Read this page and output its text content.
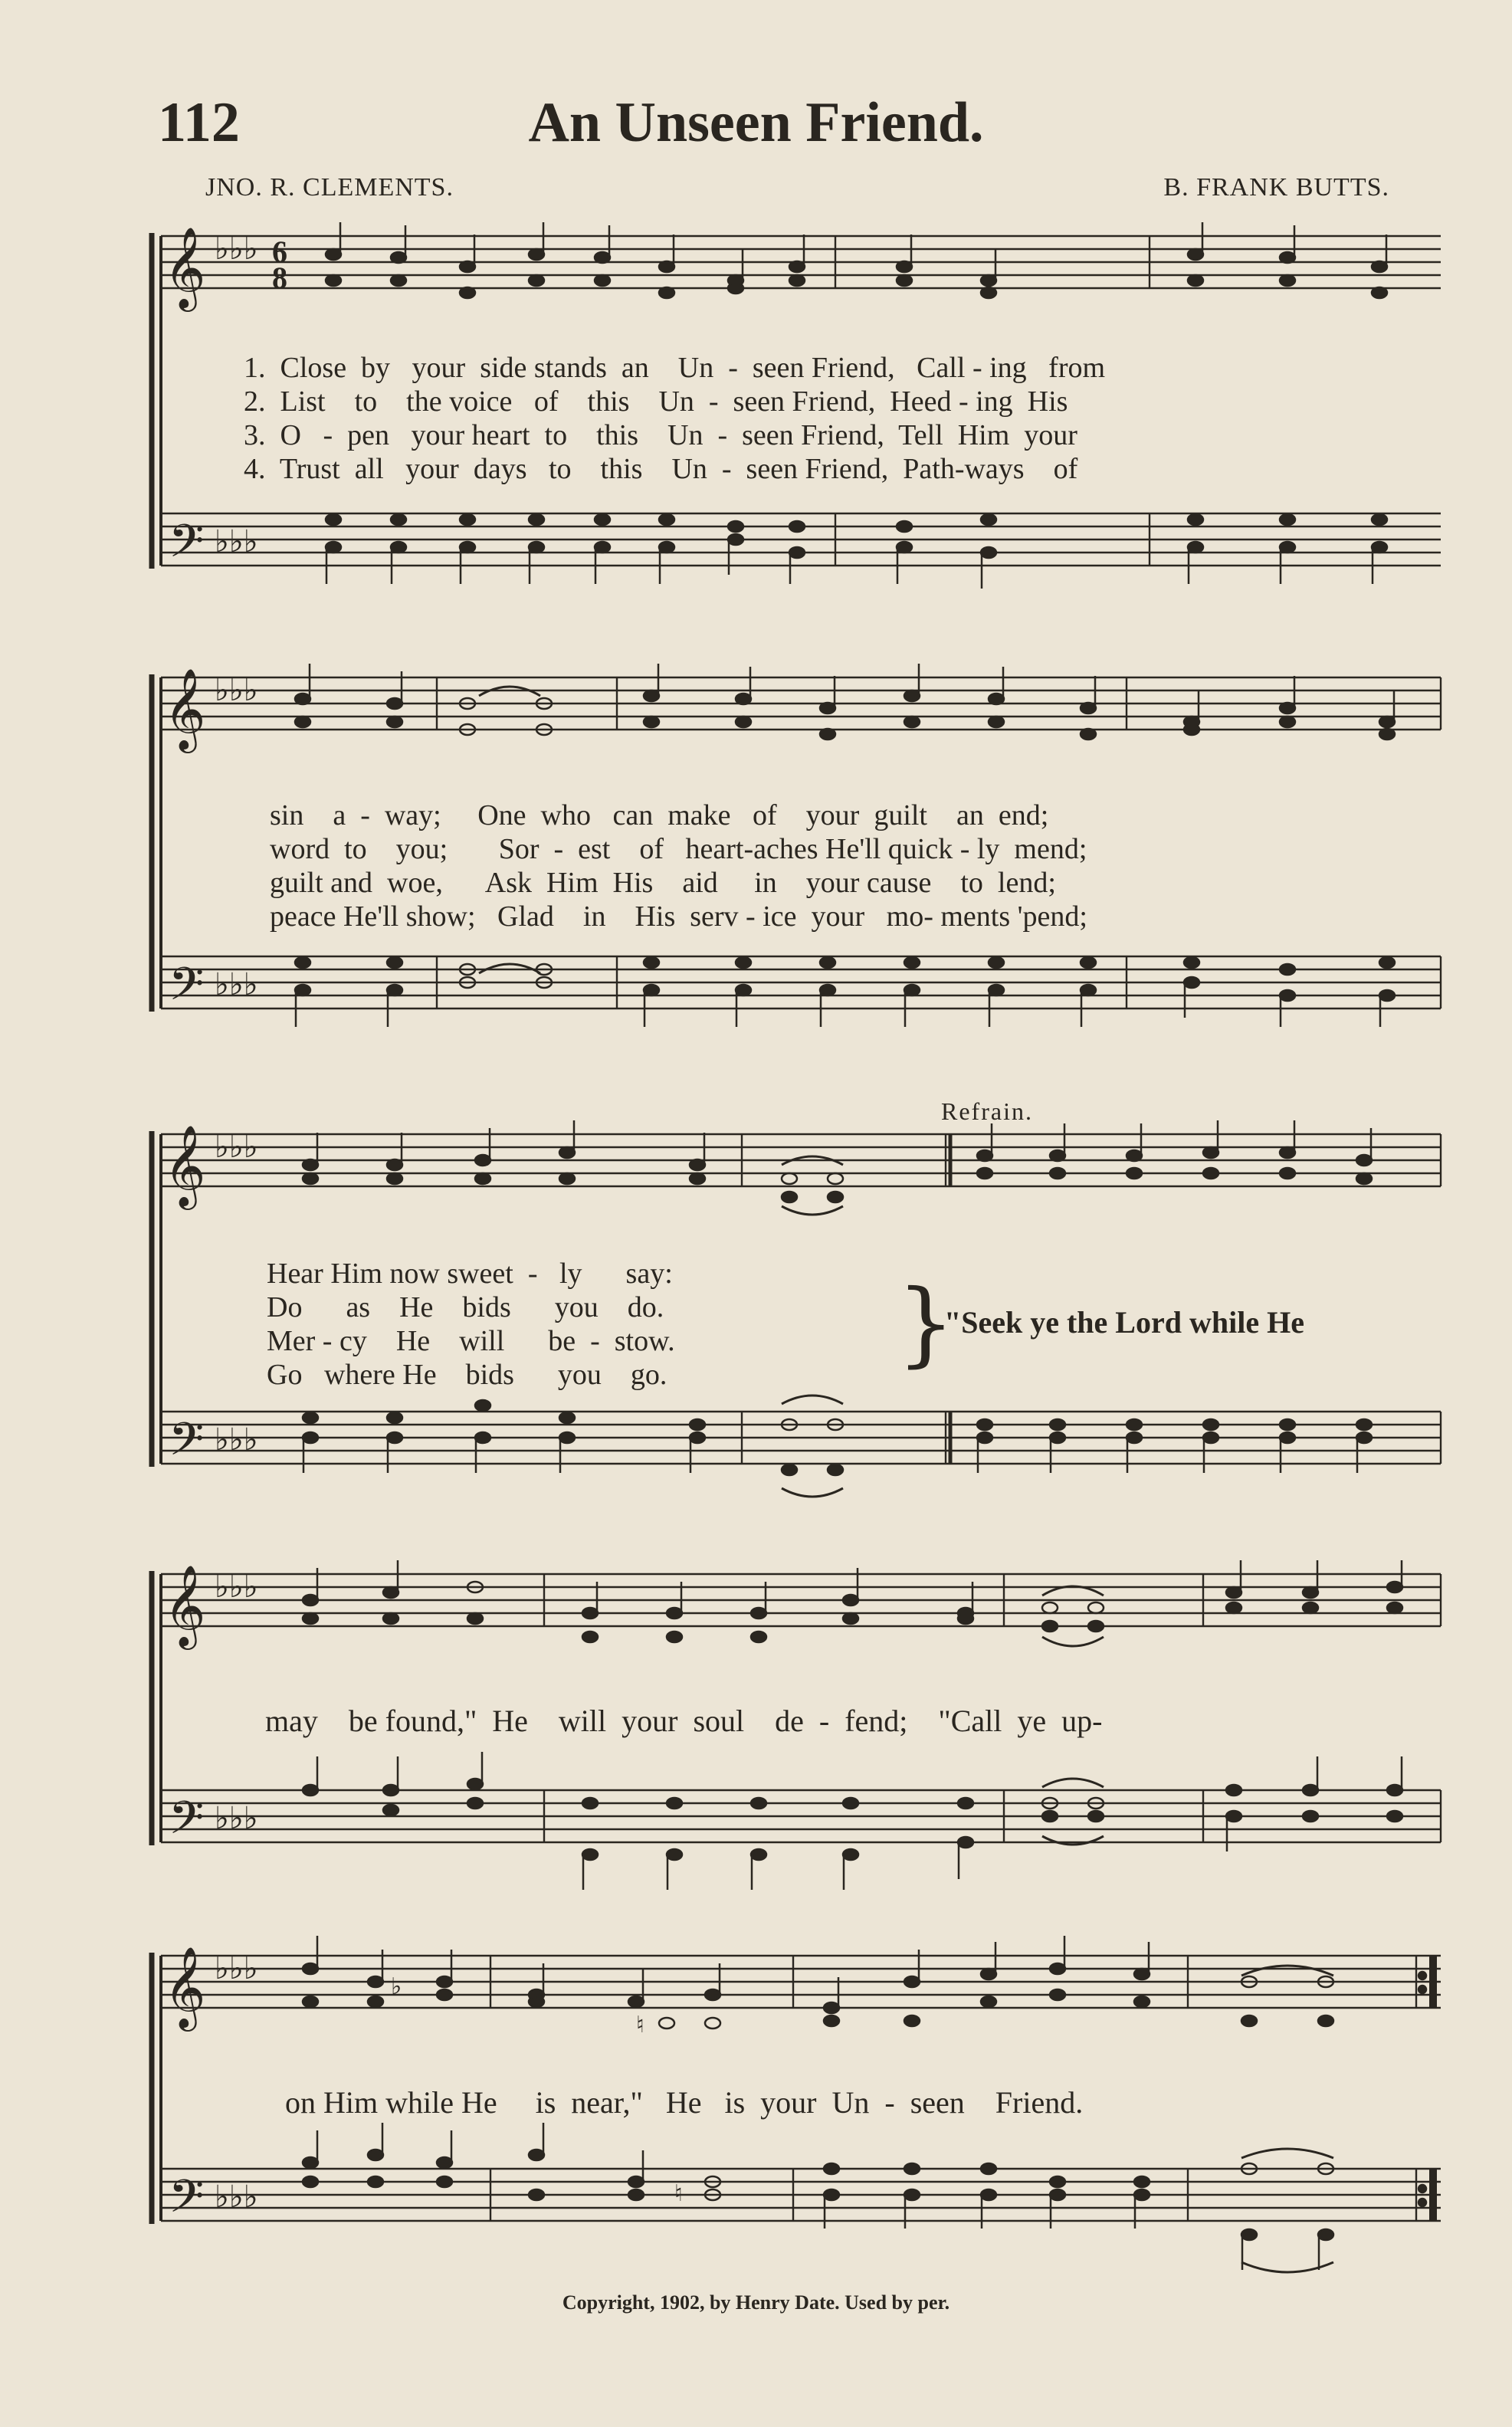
112	An Unseen Friend.
JNO. R. CLEMENTS.	B. FRANK BUTTS.
𝄞
𝄢
♭♭♭
♭♭♭
6
8
1.  Close  by   your  side stands  an    Un  -  seen Friend,   Call - ing   from
2.  List    to    the voice   of    this    Un  -  seen Friend,  Heed - ing  His
3.  O   -  pen   your heart  to    this    Un  -  seen Friend,  Tell  Him  your
4.  Trust  all   your  days   to    this    Un  -  seen Friend,  Path-ways    of
𝄞
𝄢
♭♭♭
♭♭♭
sin    a  -  way;     One  who   can  make   of    your  guilt    an  end;
word  to    you;       Sor  -  est    of   heart-aches He'll quick - ly  mend;
guilt and  woe,      Ask  Him  His    aid     in    your cause    to  lend;
peace He'll show;   Glad    in    His  serv - ice  your   mo- ments 'pend;
Refrain.
𝄞
𝄢
♭♭♭
♭♭♭
Hear Him now sweet  -   ly      say:
Do      as    He    bids      you    do.
Mer - cy    He    will      be  -  stow.
Go   where He    bids      you    go. }
"Seek ye the Lord while He
𝄞
𝄢
♭♭♭
♭♭♭
may    be found,"  He    will  your  soul    de  -  fend;    "Call  ye  up-
𝄞
𝄢
♭♭♭
♭♭♭
♭
♮
♮
on Him while He     is  near,"   He   is  your  Un  -  seen    Friend.
Copyright, 1902, by Henry Date. Used by per.
